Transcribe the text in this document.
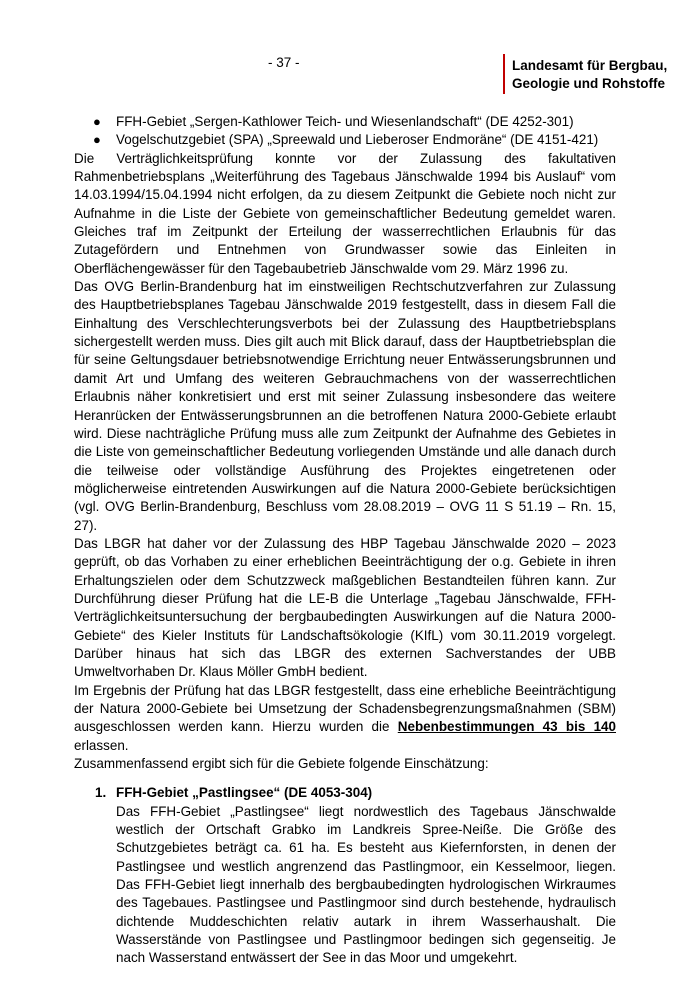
- 37 -	Landesamt für Bergbau,
Geologie und Rohstoffe
● FFH-Gebiet „Sergen-Kathlower Teich- und Wiesenlandschaft“ (DE 4252-301)
● Vogelschutzgebiet (SPA) „Spreewald und Lieberoser Endmoräne“ (DE 4151-421)

Die Verträglichkeitsprüfung konnte vor der Zulassung des fakultativen Rahmenbetriebsplans „Weiterführung des Tagebaus Jänschwalde 1994 bis Auslauf“ vom 14.03.1994/15.04.1994 nicht erfolgen, da zu diesem Zeitpunkt die Gebiete noch nicht zur Aufnahme in die Liste der Gebiete von gemeinschaftlicher Bedeutung gemeldet waren. Gleiches traf im Zeitpunkt der Erteilung der wasserrechtlichen Erlaubnis für das Zutagefördern und Entnehmen von Grundwasser sowie das Einleiten in Oberflächengewässer für den Tagebaubetrieb Jänschwalde vom 29. März 1996 zu.

Das OVG Berlin-Brandenburg hat im einstweiligen Rechtschutzverfahren zur Zulassung des Hauptbetriebsplanes Tagebau Jänschwalde 2019 festgestellt, dass in diesem Fall die Einhaltung des Verschlechterungsverbots bei der Zulassung des Hauptbetriebsplans sichergestellt werden muss. Dies gilt auch mit Blick darauf, dass der Hauptbetriebsplan die für seine Geltungsdauer betriebsnotwendige Errichtung neuer Entwässerungsbrunnen und damit Art und Umfang des weiteren Gebrauchmachens von der wasserrechtlichen Erlaubnis näher konkretisiert und erst mit seiner Zulassung insbesondere das weitere Heranrücken der Entwässerungsbrunnen an die betroffenen Natura 2000-Gebiete erlaubt wird. Diese nachträgliche Prüfung muss alle zum Zeitpunkt der Aufnahme des Gebietes in die Liste von gemeinschaftlicher Bedeutung vorliegenden Umstände und alle danach durch die teilweise oder vollständige Ausführung des Projektes eingetretenen oder möglicherweise eintretenden Auswirkungen auf die Natura 2000-Gebiete berücksichtigen (vgl. OVG Berlin-Brandenburg, Beschluss vom 28.08.2019 – OVG 11 S 51.19 – Rn. 15, 27).

Das LBGR hat daher vor der Zulassung des HBP Tagebau Jänschwalde 2020 – 2023 geprüft, ob das Vorhaben zu einer erheblichen Beeinträchtigung der o.g. Gebiete in ihren Erhaltungszielen oder dem Schutzzweck maßgeblichen Bestandteilen führen kann. Zur Durchführung dieser Prüfung hat die LE-B die Unterlage „Tagebau Jänschwalde, FFH-Verträglichkeitsuntersuchung der bergbaubedingten Auswirkungen auf die Natura 2000-Gebiete“ des Kieler Instituts für Landschaftsökologie (KIfL) vom 30.11.2019 vorgelegt. Darüber hinaus hat sich das LBGR des externen Sachverstandes der UBB Umweltvorhaben Dr. Klaus Möller GmbH bedient.

Im Ergebnis der Prüfung hat das LBGR festgestellt, dass eine erhebliche Beeinträchtigung der Natura 2000-Gebiete bei Umsetzung der Schadensbegrenzungsmaßnahmen (SBM) ausgeschlossen werden kann. Hierzu wurden die Nebenbestimmungen 43 bis 140 erlassen.

Zusammenfassend ergibt sich für die Gebiete folgende Einschätzung:

1. FFH-Gebiet „Pastlingsee“ (DE 4053-304)
Das FFH-Gebiet „Pastlingsee“ liegt nordwestlich des Tagebaus Jänschwalde westlich der Ortschaft Grabko im Landkreis Spree-Neiße. Die Größe des Schutzgebietes beträgt ca. 61 ha. Es besteht aus Kiefernforsten, in denen der Pastlingsee und westlich angrenzend das Pastlingmoor, ein Kesselmoor, liegen. Das FFH-Gebiet liegt innerhalb des bergbaubedingten hydrologischen Wirkraumes des Tagebaues. Pastlingsee und Pastlingmoor sind durch bestehende, hydraulisch dichtende Muddeschichten relativ autark in ihrem Wasserhaushalt. Die Wasserstände von Pastlingsee und Pastlingmoor bedingen sich gegenseitig. Je nach Wasserstand entwässert der See in das Moor und umgekehrt.
